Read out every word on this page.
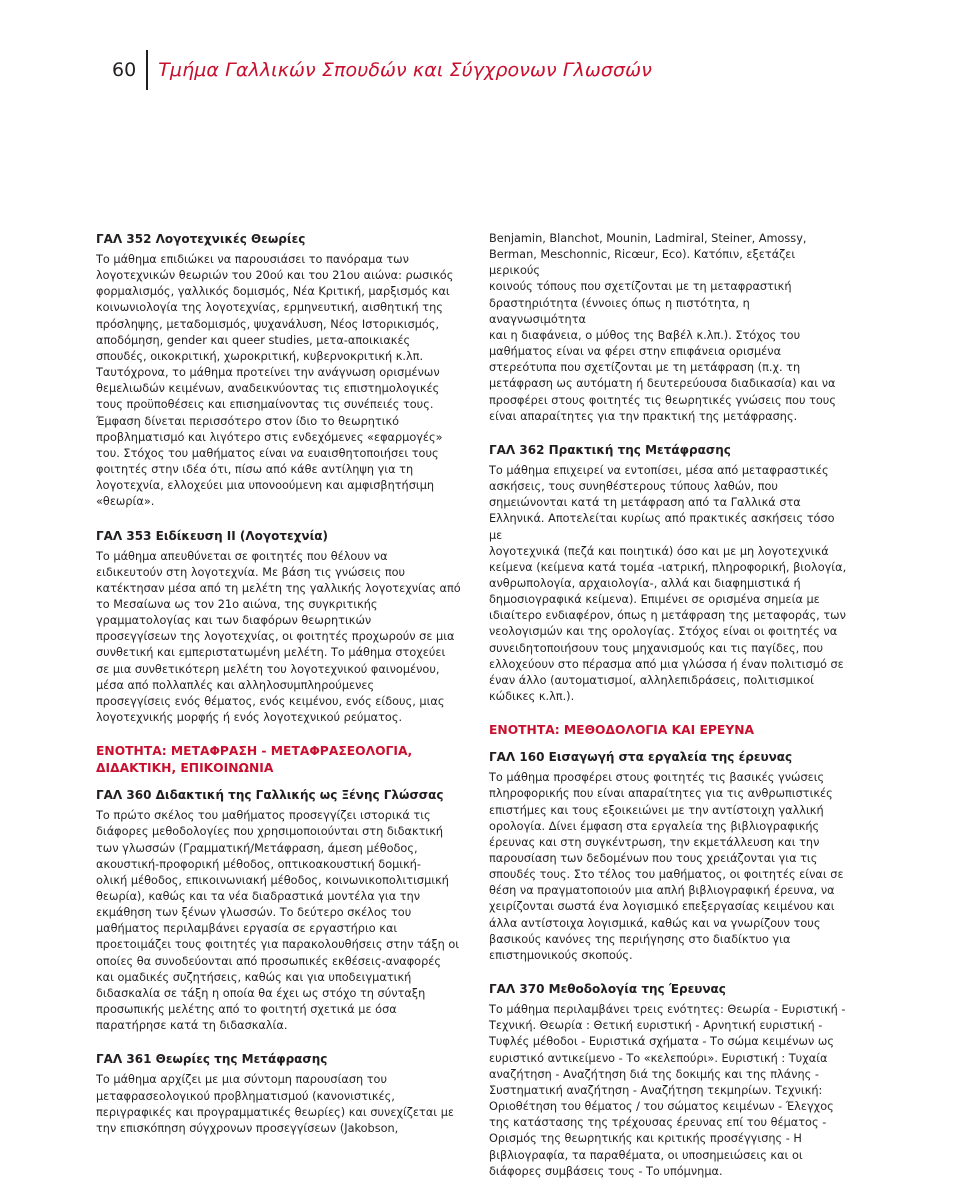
60	Τμήμα Γαλλικών Σπουδών και Σύγχρονων Γλωσσών
ΓΑΛ 352 Λογοτεχνικές Θεωρίες
Το μάθημα επιδιώκει να παρουσιάσει το πανόραμα των
λογοτεχνικών θεωριών του 20ού και του 21ου αιώνα: ρωσικός
φορμαλισμός, γαλλικός δομισμός, Νέα Κριτική, μαρξισμός και
κοινωνιολογία της λογοτεχνίας, ερμηνευτική, αισθητική της
πρόσληψης, μεταδομισμός, ψυχανάλυση, Νέος Ιστορικισμός,
αποδόμηση, gender και queer studies, μετα-αποικιακές
σπουδές, οικοκριτική, χωροκριτική, κυβερνοκριτική κ.λπ.
Ταυτόχρονα, το μάθημα προτείνει την ανάγνωση ορισμένων
θεμελιωδών κειμένων, αναδεικνύοντας τις επιστημολογικές
τους προϋποθέσεις και επισημαίνοντας τις συνέπειές τους.
Έμφαση δίνεται περισσότερο στον ίδιο το θεωρητικό
προβληματισμό και λιγότερο στις ενδεχόμενες «εφαρμογές»
του. Στόχος του μαθήματος είναι να ευαισθητοποιήσει τους
φοιτητές στην ιδέα ότι, πίσω από κάθε αντίληψη για τη
λογοτεχνία, ελλοχεύει μια υπονοούμενη και αμφισβητήσιμη
«θεωρία».
ΓΑΛ 353 Ειδίκευση ΙΙ (Λογοτεχνία)
Το μάθημα απευθύνεται σε φοιτητές που θέλουν να
ειδικευτούν στη λογοτεχνία. Με βάση τις γνώσεις που
κατέκτησαν μέσα από τη μελέτη της γαλλικής λογοτεχνίας από
το Μεσαίωνα ως τον 21ο αιώνα, της συγκριτικής
γραμματολογίας και των διαφόρων θεωρητικών
προσεγγίσεων της λογοτεχνίας, οι φοιτητές προχωρούν σε μια
συνθετική και εμπεριστατωμένη μελέτη. Το μάθημα στοχεύει
σε μια συνθετικότερη μελέτη του λογοτεχνικού φαινομένου,
μέσα από πολλαπλές και αλληλοσυμπληρούμενες
προσεγγίσεις ενός θέματος, ενός κειμένου, ενός είδους, μιας
λογοτεχνικής μορφής ή ενός λογοτεχνικού ρεύματος.
ΕΝΟΤΗΤΑ: ΜΕΤΑΦΡΑΣΗ - ΜΕΤΑΦΡΑΣΕΟΛΟΓΙΑ,
ΔΙΔΑΚΤΙΚΗ, ΕΠΙΚΟΙΝΩΝΙΑ
ΓΑΛ 360 Διδακτική της Γαλλικής ως Ξένης Γλώσσας
Το πρώτο σκέλος του μαθήματος προσεγγίζει ιστορικά τις
διάφορες μεθοδολογίες που χρησιμοποιούνται στη διδακτική
των γλωσσών (Γραμματική/Μετάφραση, άμεση μέθοδος,
ακουστική-προφορική μέθοδος, οπτικοακουστική δομική-
ολική μέθοδος, επικοινωνιακή μέθοδος, κοινωνικοπολιτισμική
θεωρία), καθώς και τα νέα διαδραστικά μοντέλα για την
εκμάθηση των ξένων γλωσσών. Το δεύτερο σκέλος του
μαθήματος περιλαμβάνει εργασία σε εργαστήριο και
προετοιμάζει τους φοιτητές για παρακολουθήσεις στην τάξη οι
οποίες θα συνοδεύονται από προσωπικές εκθέσεις-αναφορές
και ομαδικές συζητήσεις, καθώς και για υποδειγματική
διδασκαλία σε τάξη η οποία θα έχει ως στόχο τη σύνταξη
προσωπικής μελέτης από το φοιτητή σχετικά με όσα
παρατήρησε κατά τη διδασκαλία.
ΓΑΛ 361 Θεωρίες της Μετάφρασης
Το μάθημα αρχίζει με μια σύντομη παρουσίαση του
μεταφρασεολογικού προβληματισμού (κανονιστικές,
περιγραφικές και προγραμματικές θεωρίες) και συνεχίζεται με
την επισκόπηση σύγχρονων προσεγγίσεων (Jakobson,
Benjamin, Blanchot, Mounin, Ladmiral, Steiner, Amossy,
Berman, Meschonnic, Ricœur, Eco). Κατόπιν, εξετάζει μερικούς
κοινούς τόπους που σχετίζονται με τη μεταφραστική
δραστηριότητα (έννοιες όπως η πιστότητα, η αναγνωσιμότητα
και η διαφάνεια, ο μύθος της Βαβέλ κ.λπ.). Στόχος του
μαθήματος είναι να φέρει στην επιφάνεια ορισμένα
στερεότυπα που σχετίζονται με τη μετάφραση (π.χ. τη
μετάφραση ως αυτόματη ή δευτερεύουσα διαδικασία) και να
προσφέρει στους φοιτητές τις θεωρητικές γνώσεις που τους
είναι απαραίτητες για την πρακτική της μετάφρασης.
ΓΑΛ 362 Πρακτική της Μετάφρασης
Το μάθημα επιχειρεί να εντοπίσει, μέσα από μεταφραστικές
ασκήσεις, τους συνηθέστερους τύπους λαθών, που
σημειώνονται κατά τη μετάφραση από τα Γαλλικά στα
Ελληνικά. Αποτελείται κυρίως από πρακτικές ασκήσεις τόσο με
λογοτεχνικά (πεζά και ποιητικά) όσο και με μη λογοτεχνικά
κείμενα (κείμενα κατά τομέα -ιατρική, πληροφορική, βιολογία,
ανθρωπολογία, αρχαιολογία-, αλλά και διαφημιστικά ή
δημοσιογραφικά κείμενα). Επιμένει σε ορισμένα σημεία με
ιδιαίτερο ενδιαφέρον, όπως η μετάφραση της μεταφοράς, των
νεολογισμών και της ορολογίας. Στόχος είναι οι φοιτητές να
συνειδητοποιήσουν τους μηχανισμούς και τις παγίδες, που
ελλοχεύουν στο πέρασμα από μια γλώσσα ή έναν πολιτισμό σε
έναν άλλο (αυτοματισμοί, αλληλεπιδράσεις, πολιτισμικοί
κώδικες κ.λπ.).
ΕΝΟΤΗΤΑ: ΜΕΘΟΔΟΛΟΓΙΑ ΚΑΙ ΕΡΕΥΝΑ
ΓΑΛ 160 Εισαγωγή στα εργαλεία της έρευνας
Το μάθημα προσφέρει στους φοιτητές τις βασικές γνώσεις
πληροφορικής που είναι απαραίτητες για τις ανθρωπιστικές
επιστήμες και τους εξοικειώνει με την αντίστοιχη γαλλική
ορολογία. Δίνει έμφαση στα εργαλεία της βιβλιογραφικής
έρευνας και στη συγκέντρωση, την εκμετάλλευση και την
παρουσίαση των δεδομένων που τους χρειάζονται για τις
σπουδές τους. Στο τέλος του μαθήματος, οι φοιτητές είναι σε
θέση να πραγματοποιούν μια απλή βιβλιογραφική έρευνα, να
χειρίζονται σωστά ένα λογισμικό επεξεργασίας κειμένου και
άλλα αντίστοιχα λογισμικά, καθώς και να γνωρίζουν τους
βασικούς κανόνες της περιήγησης στο διαδίκτυο για
επιστημονικούς σκοπούς.
ΓΑΛ 370 Μεθοδολογία της Έρευνας
Το μάθημα περιλαμβάνει τρεις ενότητες: Θεωρία - Ευριστική -
Τεχνική. Θεωρία : Θετική ευριστική - Αρνητική ευριστική -
Τυφλές μέθοδοι - Ευριστικά σχήματα - Το σώμα κειμένων ως
ευριστικό αντικείμενο - Το «κελεπούρι». Ευριστική : Τυχαία
αναζήτηση - Αναζήτηση διά της δοκιμής και της πλάνης -
Συστηματική αναζήτηση - Αναζήτηση τεκμηρίων. Τεχνική:
Οριοθέτηση του θέματος / του σώματος κειμένων - Έλεγχος
της κατάστασης της τρέχουσας έρευνας επί του θέματος -
Ορισμός της θεωρητικής και κριτικής προσέγγισης - Η
βιβλιογραφία, τα παραθέματα, οι υποσημειώσεις και οι
διάφορες συμβάσεις τους - Το υπόμνημα.
